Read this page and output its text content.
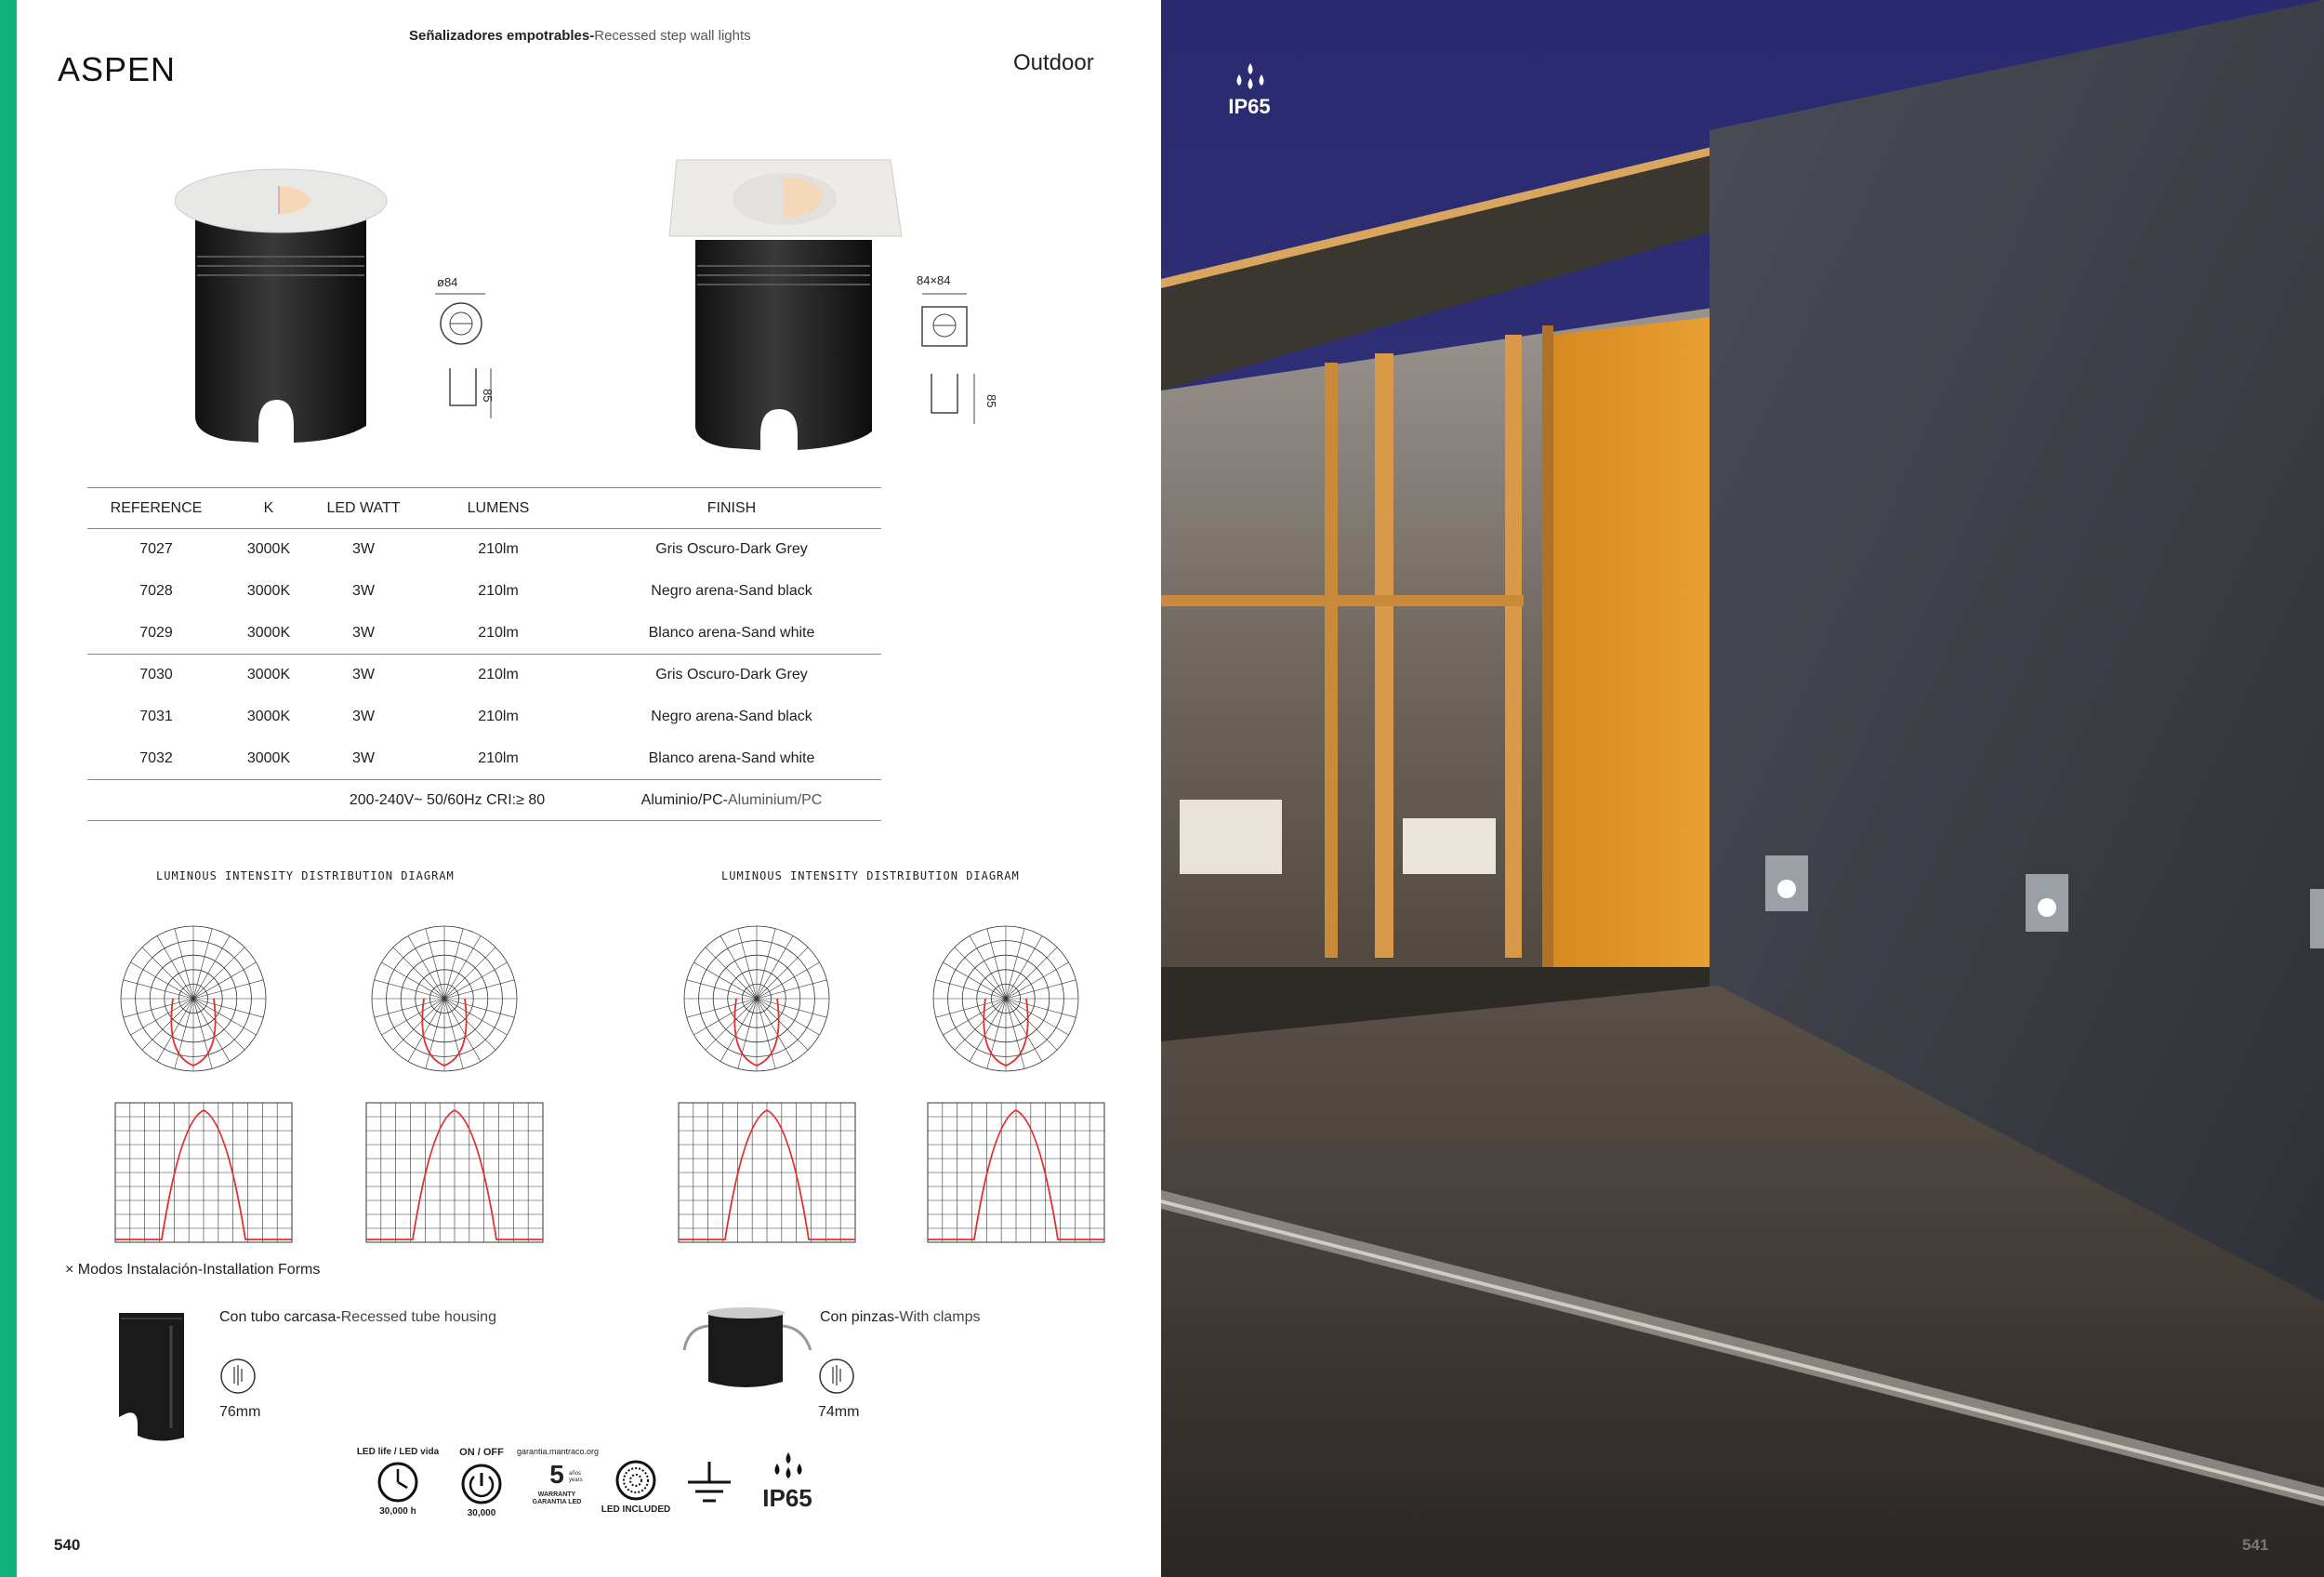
Señalizadores empotrables-Recessed step wall lights
ASPEN	Outdoor
ø84
85
84×84
85
REFERENCE	K	LED WATT	LUMENS	FINISH
7027	3000K	3W	210lm	Gris Oscuro-Dark Grey
7028	3000K	3W	210lm	Negro arena-Sand black
7029	3000K	3W	210lm	Blanco arena-Sand white
7030	3000K	3W	210lm	Gris Oscuro-Dark Grey
7031	3000K	3W	210lm	Negro arena-Sand black
7032	3000K	3W	210lm	Blanco arena-Sand white
		200-240V~ 50/60Hz CRI:≥ 80		Aluminio/PC-Aluminium/PC
LUMINOUS INTENSITY DISTRIBUTION DIAGRAM	LUMINOUS INTENSITY DISTRIBUTION DIAGRAM
× Modos Instalación-Installation Forms
Con tubo carcasa-Recessed tube housing
76mm
Con pinzas-With clamps
74mm
LED life / LED vida
30,000 h
ON / OFF
30,000
garantia.mantraco.org
5 años years
WARRANTY GARANTIA LED
LED INCLUDED	IP65
540
IP65
541
